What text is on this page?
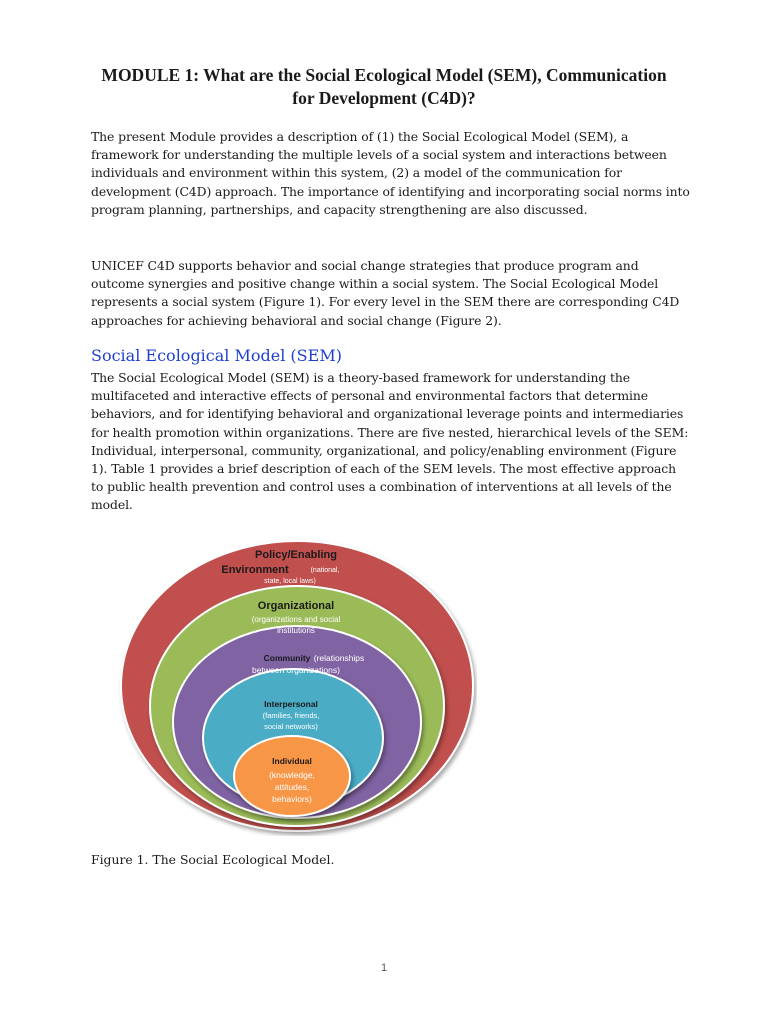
MODULE 1: What are the Social Ecological Model (SEM), Communication
for Development (C4D)?

The present Module provides a description of (1) the Social Ecological Model (SEM), a framework for understanding the multiple levels of a social system and interactions between individuals and environment within this system, (2) a model of the communication for development (C4D) approach. The importance of identifying and incorporating social norms into program planning, partnerships, and capacity strengthening are also discussed.

UNICEF C4D supports behavior and social change strategies that produce program and outcome synergies and positive change within a social system. The Social Ecological Model represents a social system (Figure 1). For every level in the SEM there are corresponding C4D approaches for achieving behavioral and social change (Figure 2).

Social Ecological Model (SEM)

The Social Ecological Model (SEM) is a theory-based framework for understanding the multifaceted and interactive effects of personal and environmental factors that determine behaviors, and for identifying behavioral and organizational leverage points and intermediaries for health promotion within organizations. There are five nested, hierarchical levels of the SEM: Individual, interpersonal, community, organizational, and policy/enabling environment (Figure 1). Table 1 provides a brief description of each of the SEM levels. The most effective approach to public health prevention and control uses a combination of interventions at all levels of the model.

Policy/Enabling
Environment	(national,
state, local laws)
Organizational
(organizations and social
institutions
Community (relationships
between organizations)
Interpersonal
(families, friends,
social networks)
Individual
(knowledge,
attitudes,
behaviors)

Figure 1. The Social Ecological Model.

1
